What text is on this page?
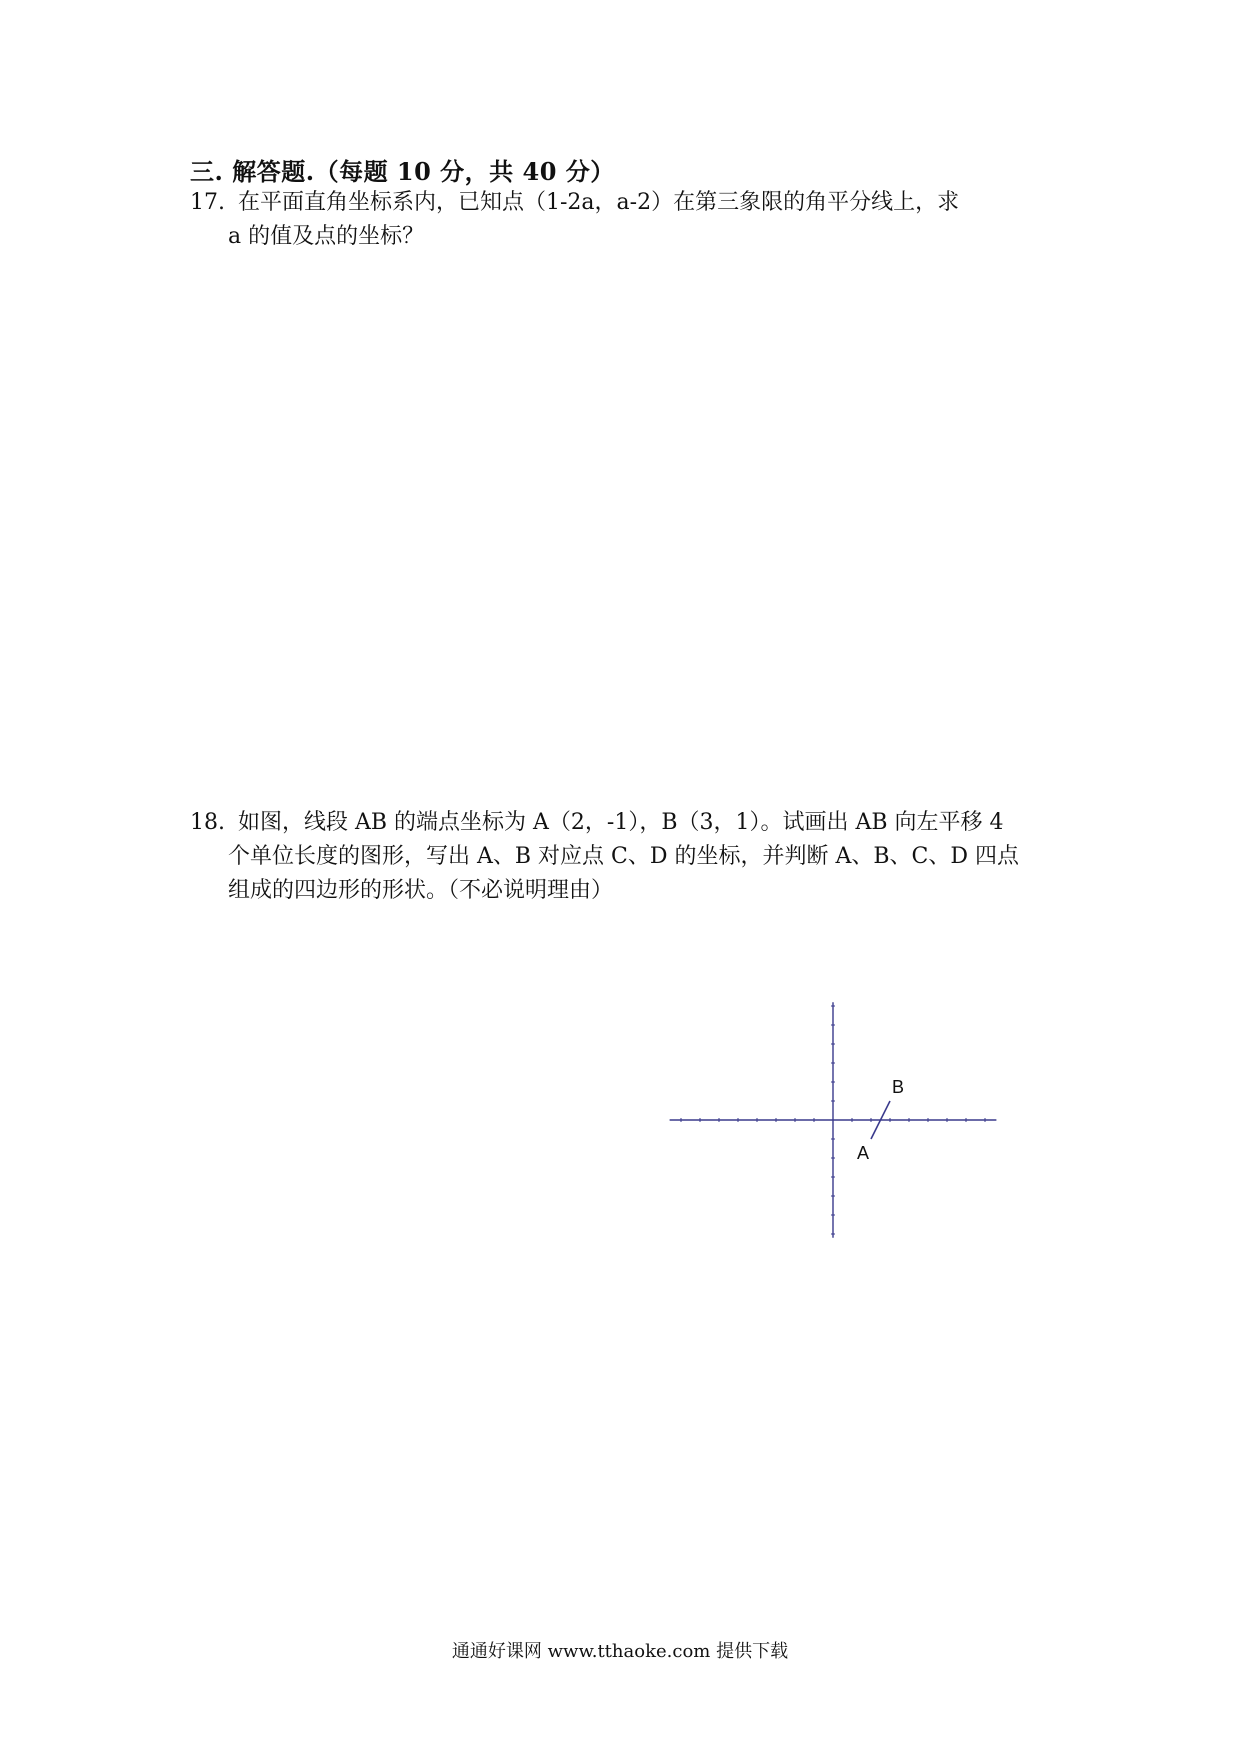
三. 解答题.（每题 10 分，共 40 分）
17. 在平面直角坐标系内，已知点（1-2a，a-2）在第三象限的角平分线上，求
a 的值及点的坐标？
18. 如图，线段 AB 的端点坐标为 A（2，-1），B（3，1）。试画出 AB 向左平移 4
个单位长度的图形，写出 A、B 对应点 C、D 的坐标，并判断 A、B、C、D 四点
组成的四边形的形状。（不必说明理由）
A
B
通通好课网 www.tthaoke.com 提供下载
